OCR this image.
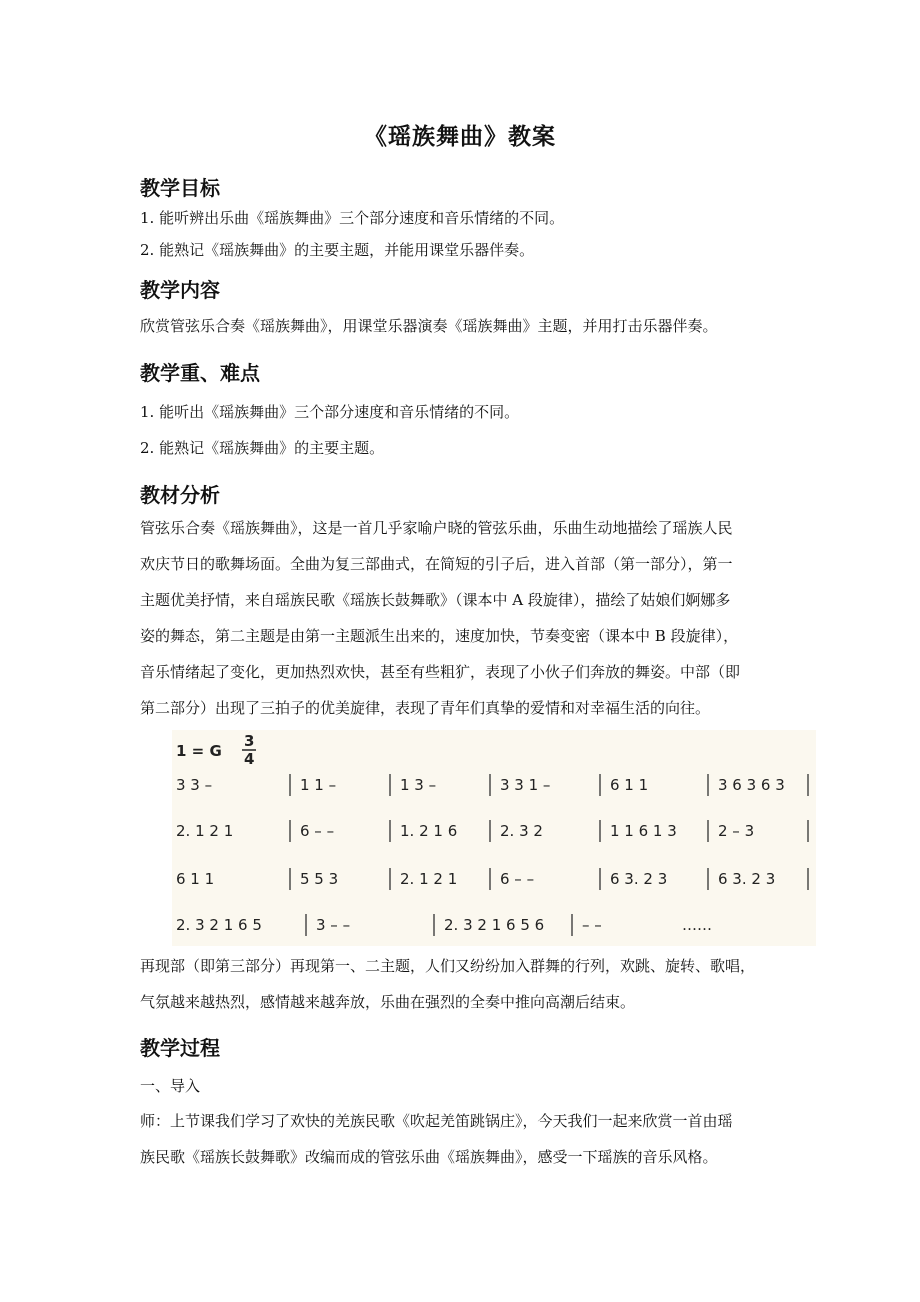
《瑶族舞曲》教案
教学目标
1. 能听辨出乐曲《瑶族舞曲》三个部分速度和音乐情绪的不同。
2. 能熟记《瑶族舞曲》的主要主题，并能用课堂乐器伴奏。
教学内容
欣赏管弦乐合奏《瑶族舞曲》，用课堂乐器演奏《瑶族舞曲》主题，并用打击乐器伴奏。
教学重、难点
1. 能听出《瑶族舞曲》三个部分速度和音乐情绪的不同。
2. 能熟记《瑶族舞曲》的主要主题。
教材分析
管弦乐合奏《瑶族舞曲》，这是一首几乎家喻户晓的管弦乐曲，乐曲生动地描绘了瑶族人民
欢庆节日的歌舞场面。全曲为复三部曲式，在简短的引子后，进入首部（第一部分），第一
主题优美抒情，来自瑶族民歌《瑶族长鼓舞歌》（课本中 A 段旋律），描绘了姑娘们婀娜多
姿的舞态，第二主题是由第一主题派生出来的，速度加快，节奏变密（课本中 B 段旋律），
音乐情绪起了变化，更加热烈欢快，甚至有些粗犷，表现了小伙子们奔放的舞姿。中部（即
第二部分）出现了三拍子的优美旋律，表现了青年们真挚的爱情和对幸福生活的向往。
1 = G
3
4
3 3 –	1 1 –	1 3 –	3 3 1 –	6 1 1	3 6 3 6 3
2. 1 2 1	6 – –	1. 2 1 6	2. 3 2	1 1 6 1 3	2 – 3
6 1 1	5 5 3	2. 1 2 1	6 – –	6 3. 2 3	6 3. 2 3
2. 3 2 1 6 5	3 – –	2. 3 2 1 6 5 6	– –	……
再现部（即第三部分）再现第一、二主题，人们又纷纷加入群舞的行列，欢跳、旋转、歌唱，
气氛越来越热烈，感情越来越奔放，乐曲在强烈的全奏中推向高潮后结束。
教学过程
一、导入
师：上节课我们学习了欢快的羌族民歌《吹起羌笛跳锅庄》，今天我们一起来欣赏一首由瑶
族民歌《瑶族长鼓舞歌》改编而成的管弦乐曲《瑶族舞曲》，感受一下瑶族的音乐风格。
